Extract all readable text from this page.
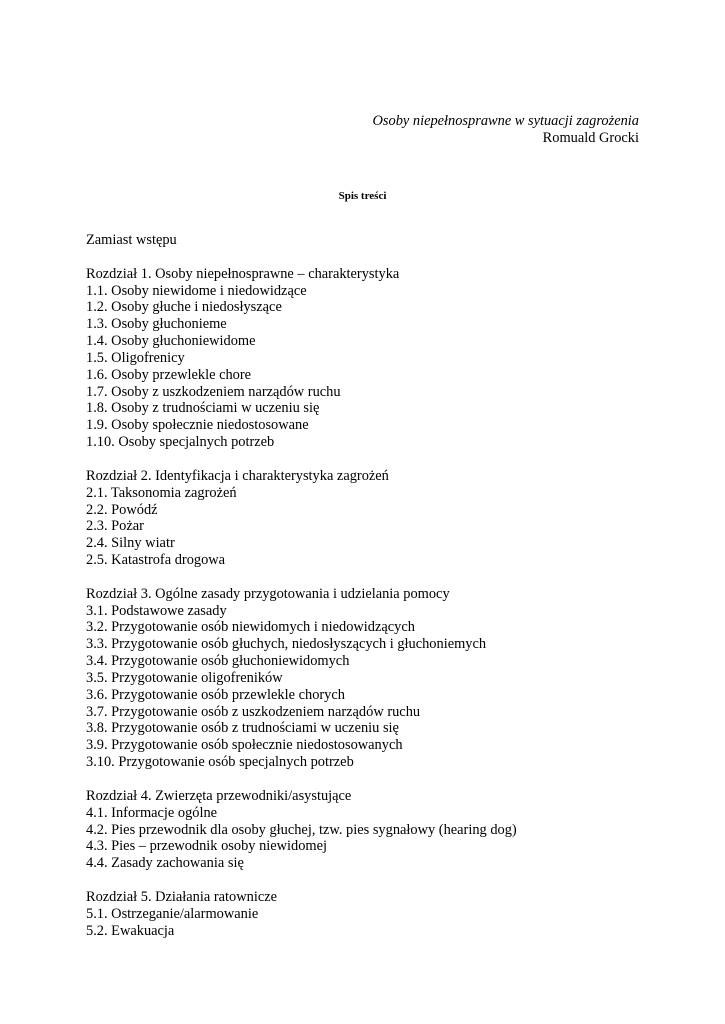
Osoby niepełnosprawne w sytuacji zagrożenia
Romuald Grocki
Spis treści
Zamiast wstępu
Rozdział 1. Osoby niepełnosprawne – charakterystyka
1.1. Osoby niewidome i niedowidzące
1.2. Osoby głuche i niedosłyszące
1.3. Osoby głuchonieme
1.4. Osoby głuchoniewidome
1.5. Oligofrenicy
1.6. Osoby przewlekle chore
1.7. Osoby z uszkodzeniem narządów ruchu
1.8. Osoby z trudnościami w uczeniu się
1.9. Osoby społecznie niedostosowane
1.10. Osoby specjalnych potrzeb
Rozdział 2. Identyfikacja i charakterystyka zagrożeń
2.1. Taksonomia zagrożeń
2.2. Powódź
2.3. Pożar
2.4. Silny wiatr
2.5. Katastrofa drogowa
Rozdział 3. Ogólne zasady przygotowania i udzielania pomocy
3.1. Podstawowe zasady
3.2. Przygotowanie osób niewidomych i niedowidzących
3.3. Przygotowanie osób głuchych, niedosłyszących i głuchoniemych
3.4. Przygotowanie osób głuchoniewidomych
3.5. Przygotowanie oligofreników
3.6. Przygotowanie osób przewlekle chorych
3.7. Przygotowanie osób z uszkodzeniem narządów ruchu
3.8. Przygotowanie osób z trudnościami w uczeniu się
3.9. Przygotowanie osób społecznie niedostosowanych
3.10. Przygotowanie osób specjalnych potrzeb
Rozdział 4. Zwierzęta przewodniki/asystujące
4.1. Informacje ogólne
4.2. Pies przewodnik dla osoby głuchej, tzw. pies sygnałowy (hearing dog)
4.3. Pies – przewodnik osoby niewidomej
4.4. Zasady zachowania się
Rozdział 5. Działania ratownicze
5.1. Ostrzeganie/alarmowanie
5.2. Ewakuacja
